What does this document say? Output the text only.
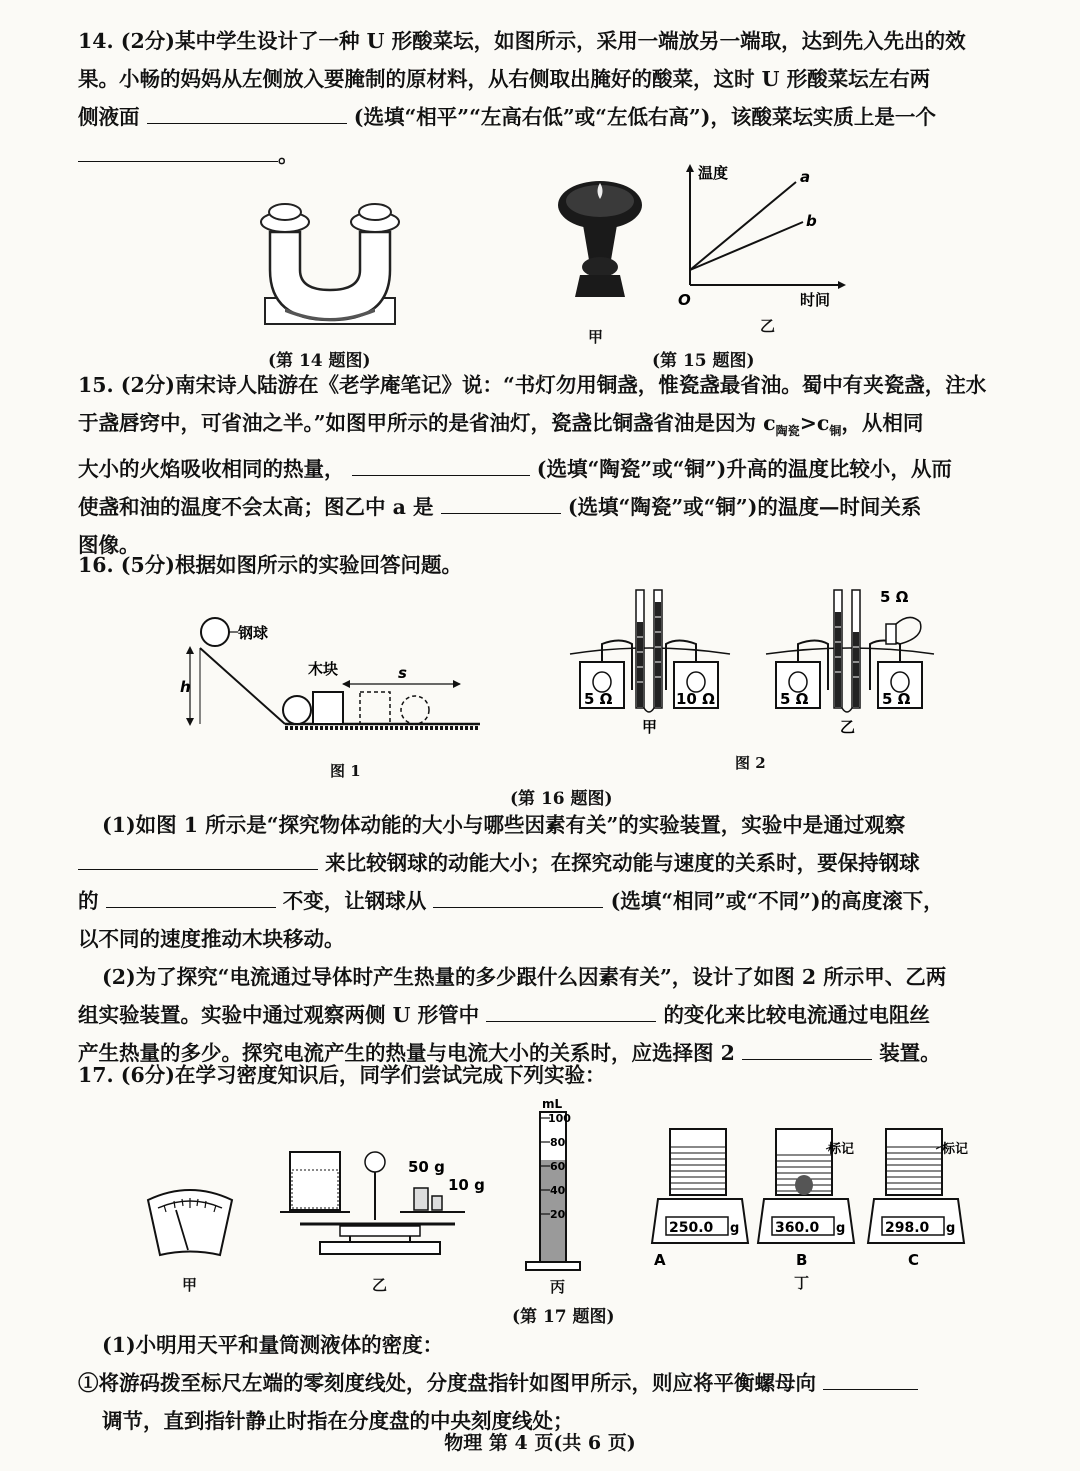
14. (2分)某中学生设计了一种 U 形酸菜坛，如图所示，采用一端放另一端取，达到先入先出的效
果。小畅的妈妈从左侧放入要腌制的原材料，从右侧取出腌好的酸菜，这时 U 形酸菜坛左右两
侧液面	(选填“相平”“左高右低”或“左低右高”)，该酸菜坛实质上是一个
。
(第 14 题图)
甲
温度
时间
O
a
b
乙
(第 15 题图)
15. (2分)南宋诗人陆游在《老学庵笔记》说：“书灯勿用铜盏，惟瓷盏最省油。蜀中有夹瓷盏，注水
于盏唇窍中，可省油之半。”如图甲所示的是省油灯，瓷盏比铜盏省油是因为 $c_{陶瓷}>c_铜$，从相同
大小的火焰吸收相同的热量，	(选填“陶瓷”或“铜”)升高的温度比较小，从而
使盏和油的温度不会太高；图乙中 a 是	(选填“陶瓷”或“铜”)的温度—时间关系
图像。
16. (5分)根据如图所示的实验回答问题。
钢球
木块
h
s
图 1
5 Ω	10 Ω
甲
5 Ω
5 Ω	5 Ω
乙
图 2
(第 16 题图)
(1)如图 1 所示是“探究物体动能的大小与哪些因素有关”的实验装置，实验中是通过观察
来比较钢球的动能大小；在探究动能与速度的关系时，要保持钢球
的	不变，让钢球从	(选填“相同”或“不同”)的高度滚下，
以不同的速度推动木块移动。
(2)为了探究“电流通过导体时产生热量的多少跟什么因素有关”，设计了如图 2 所示甲、乙两
组实验装置。实验中通过观察两侧 U 形管中	的变化来比较电流通过电阻丝
产生热量的多少。探究电流产生的热量与电流大小的关系时，应选择图 2	装置。
17. (6分)在学习密度知识后，同学们尝试完成下列实验：
甲
50 g
10 g
乙
mL
100
80
60
40
20
丙
250.0 g
A
360.0 g
标记
B
298.0 g
标记
C
丁
(第 17 题图)
(1)小明用天平和量筒测液体的密度：
①将游码拨至标尺左端的零刻度线处，分度盘指针如图甲所示，则应将平衡螺母向
调节，直到指针静止时指在分度盘的中央刻度线处；
物理 第 4 页(共 6 页)
